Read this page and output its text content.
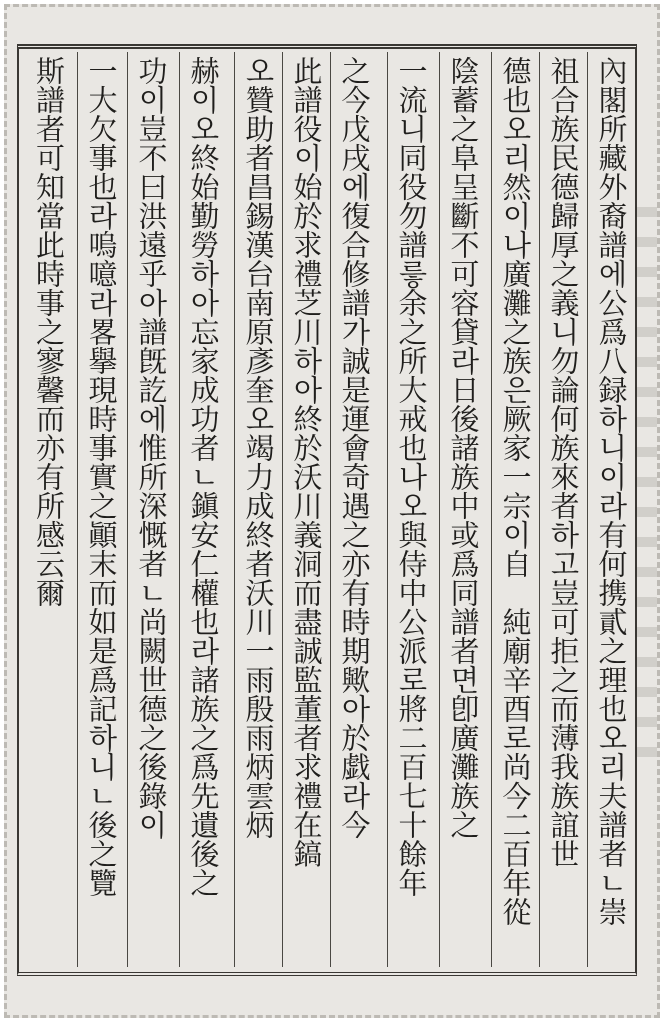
內閣所藏外裔譜에公爲八録하니이라有何携貳之理也오리夫譜者ㄴ崇
祖合族民德歸厚之義니勿論何族來者하고豈可拒之而薄我族誼世
德也오리然이나廣灘之族은厥家一宗이自　純廟辛酉로尚今二百年從
陰蓄之阜呈斷不可容貸라日後諸族中或爲同譜者면卽廣灘族之
一流니同役勿譜릏余之所大戒也나오與侍中公派로將二百七十餘年
之今戊戌에復合修譜가誠是運會奇遇之亦有時期歟아於戯라今
此譜役이始於求禮芝川하아終於沃川義洞而盡誠監董者求禮在鎬
오贊助者昌錫漢台南原彥奎오竭力成終者沃川一雨殷雨炳雲炳
赫이오終始勤勞하아忘家成功者ㄴ鎭安仁權也라諸族之爲先遺後之
功이豈不曰洪遠乎아譜旣訖에惟所深慨者ㄴ尚闕世德之後錄이
一大欠事也라嗚噫라畧擧現時事實之顚末而如是爲記하니ㄴ後之覽
斯譜者可知當此時事之寥馨而亦有所感云爾
